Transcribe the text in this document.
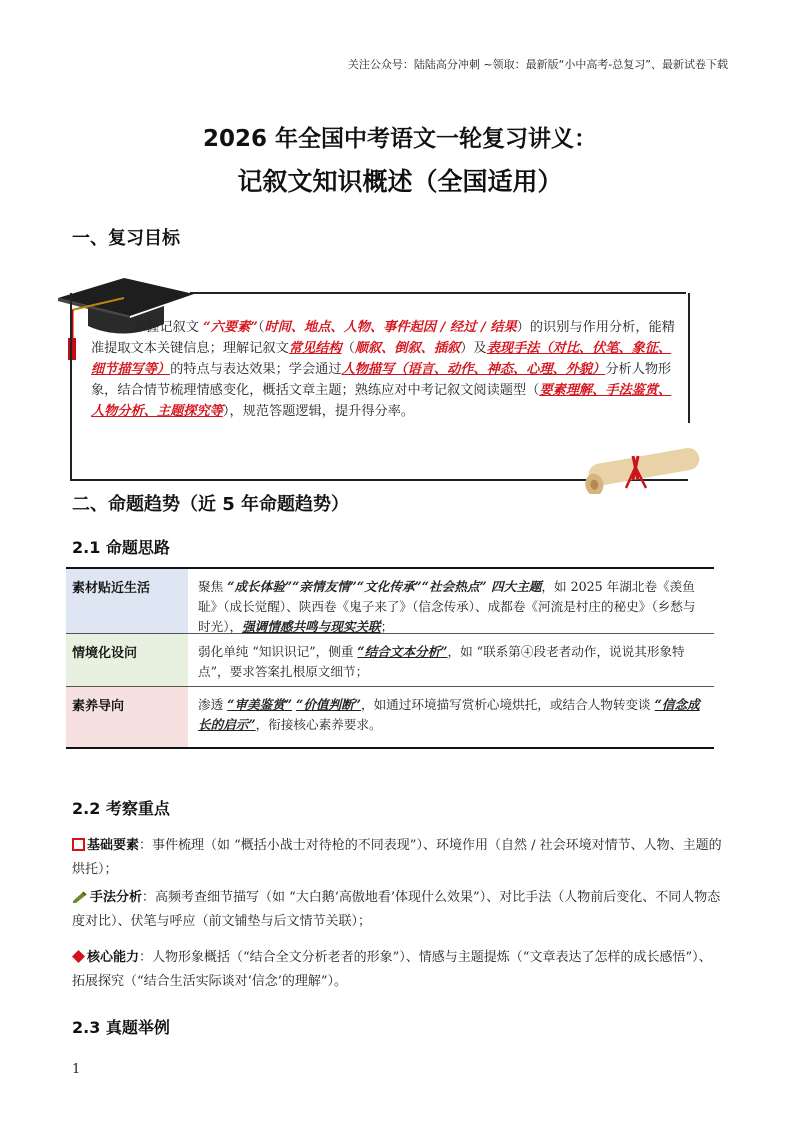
关注公众号：陆陆高分冲刺 ~领取：最新版“小中高考-总复习”、最新试卷下载
2026 年全国中考语文一轮复习讲义：
记叙文知识概述（全国适用）
一、复习目标
掌握记叙文 “六要素”（时间、地点、人物、事件起因 / 经过 / 结果）的识别与作用分析，能精准提取文本关键信息；理解记叙文常见结构（顺叙、倒叙、插叙）及表现手法（对比、伏笔、象征、细节描写等）的特点与表达效果；学会通过人物描写（语言、动作、神态、心理、外貌）分析人物形象，结合情节梳理情感变化，概括文章主题；熟练应对中考记叙文阅读题型（要素理解、手法鉴赏、人物分析、主题探究等），规范答题逻辑，提升得分率。
二、命题趋势（近 5 年命题趋势）
2.1 命题思路
素材贴近生活	聚焦 “成长体验”“亲情友情”“文化传承”“社会热点” 四大主题，如 2025 年湖北卷《羡鱼耻》（成长觉醒）、陕西卷《鬼子来了》（信念传承）、成都卷《河流是村庄的秘史》（乡愁与时光），强调情感共鸣与现实关联；
情境化设问	弱化单纯 “知识识记”，侧重 “结合文本分析”，如 “联系第④段老者动作，说说其形象特点”，要求答案扎根原文细节；
素养导向	渗透 “审美鉴赏” “价值判断”，如通过环境描写赏析心境烘托，或结合人物转变谈 “信念成长的启示”，衔接核心素养要求。
2.2 考察重点
基础要素：事件梳理（如 “概括小战士对待枪的不同表现”）、环境作用（自然 / 社会环境对情节、人物、主题的烘托）；
手法分析：高频考查细节描写（如 “大白鹅‘高傲地看’体现什么效果”）、对比手法（人物前后变化、不同人物态度对比）、伏笔与呼应（前文铺垫与后文情节关联）；
核心能力：人物形象概括（“结合全文分析老者的形象”）、情感与主题提炼（“文章表达了怎样的成长感悟”）、拓展探究（“结合生活实际谈对‘信念’的理解”）。
2.3 真题举例
1
